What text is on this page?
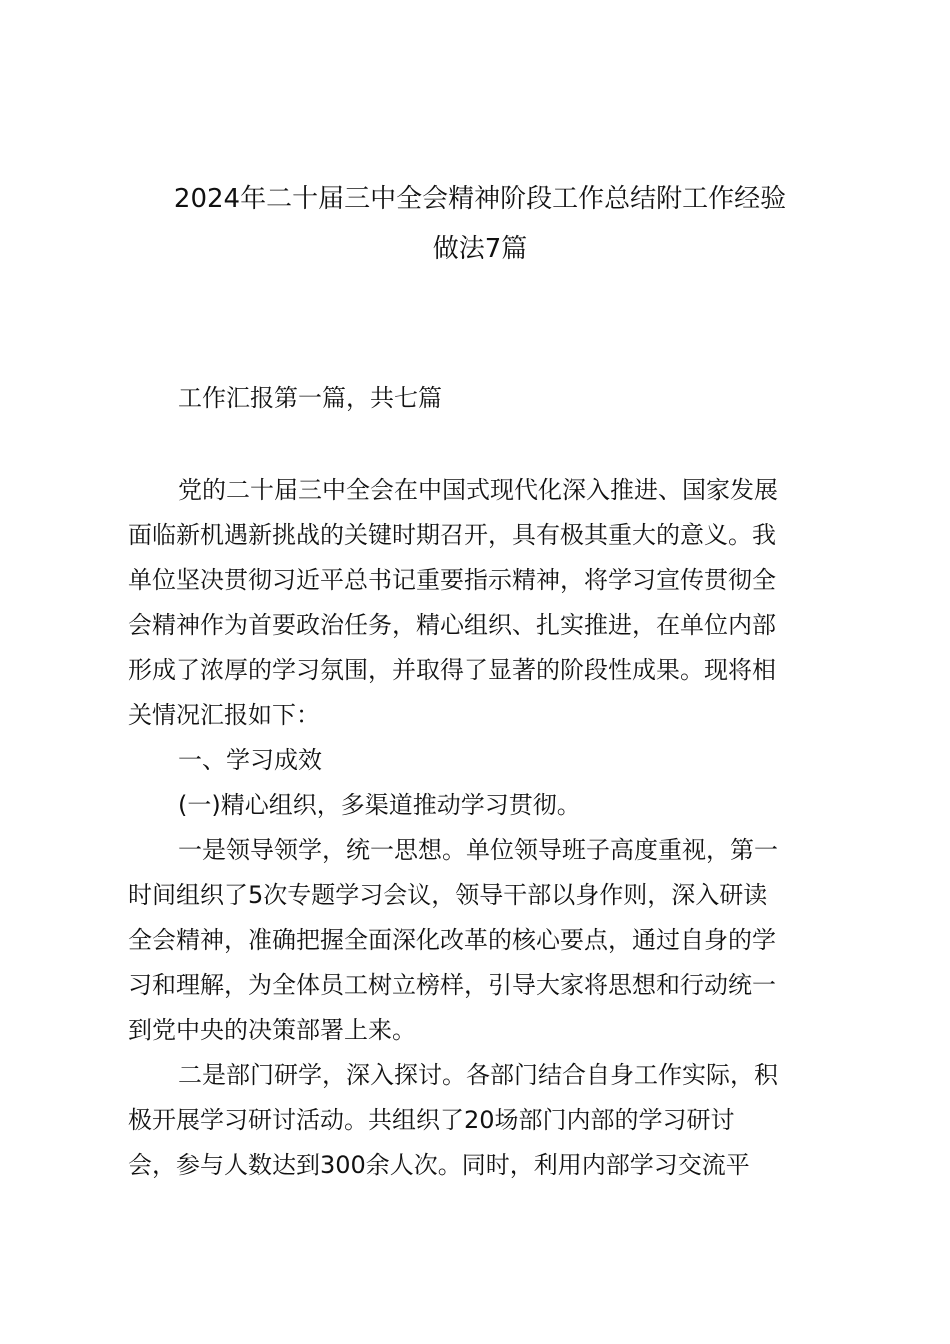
2024年二十届三中全会精神阶段工作总结附工作经验
做法7篇
工作汇报第一篇，共七篇
党的二十届三中全会在中国式现代化深入推进、国家发展
面临新机遇新挑战的关键时期召开，具有极其重大的意义。我
单位坚决贯彻习近平总书记重要指示精神，将学习宣传贯彻全
会精神作为首要政治任务，精心组织、扎实推进，在单位内部
形成了浓厚的学习氛围，并取得了显著的阶段性成果。现将相
关情况汇报如下：
一、学习成效
(一)精心组织，多渠道推动学习贯彻。
一是领导领学，统一思想。单位领导班子高度重视，第一
时间组织了5次专题学习会议，领导干部以身作则，深入研读
全会精神，准确把握全面深化改革的核心要点，通过自身的学
习和理解，为全体员工树立榜样，引导大家将思想和行动统一
到党中央的决策部署上来。
二是部门研学，深入探讨。各部门结合自身工作实际，积
极开展学习研讨活动。共组织了20场部门内部的学习研讨
会，参与人数达到300余人次。同时，利用内部学习交流平
